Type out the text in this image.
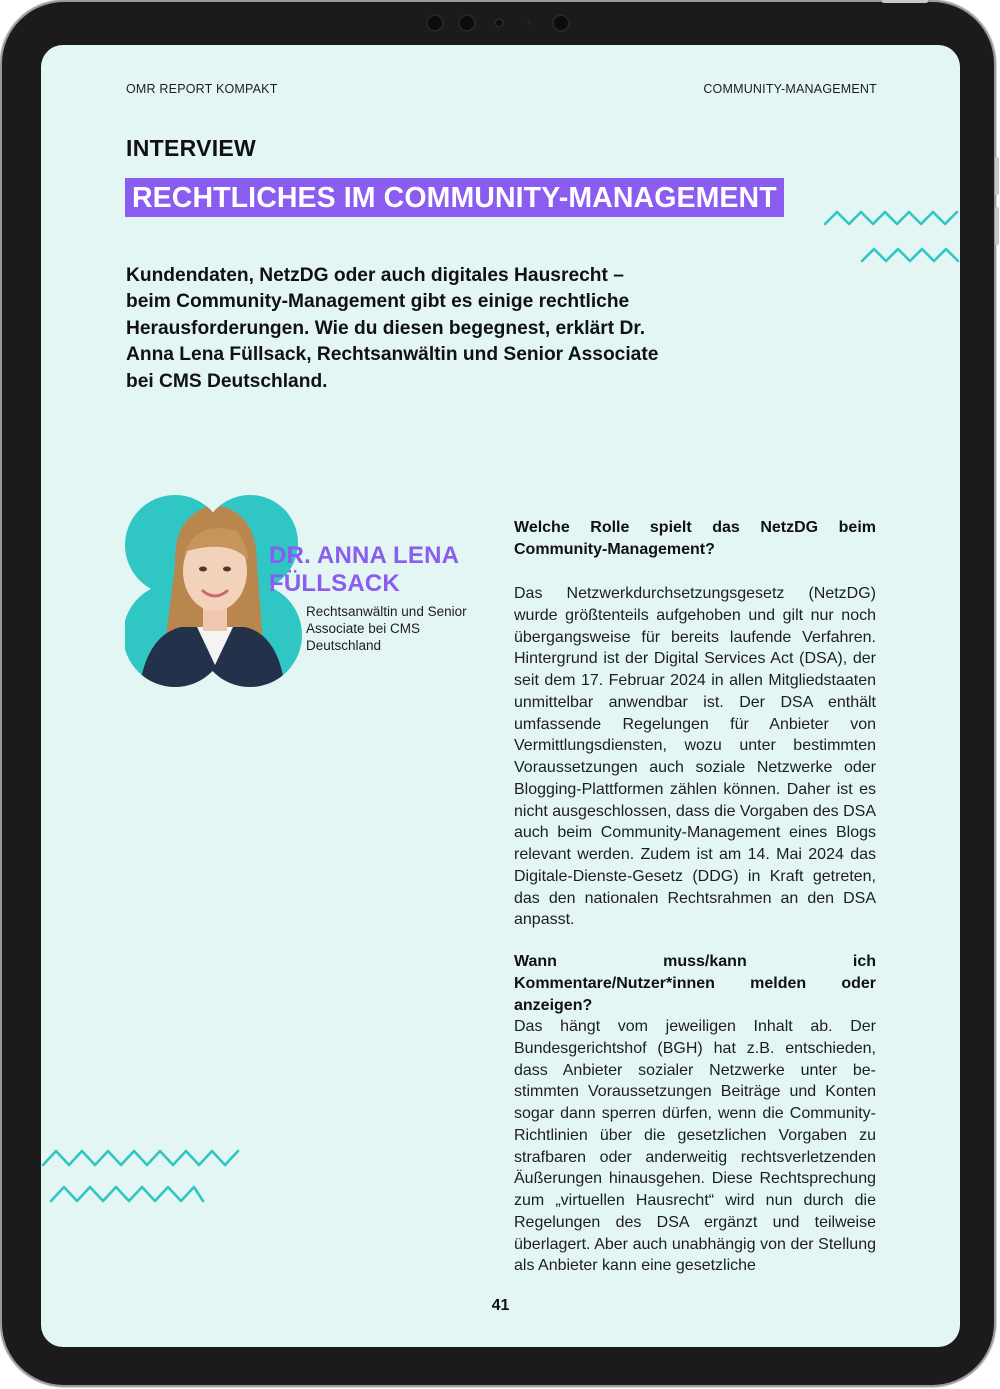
OMR REPORT KOMPAKT	COMMUNITY-MANAGEMENT
INTERVIEW
RECHTLICHES IM COMMUNITY-MANAGEMENT
Kundendaten, NetzDG oder auch digitales Hausrecht – beim Community-Management gibt es einige rechtliche Herausforderungen. Wie du diesen begegnest, erklärt Dr. Anna Lena Füllsack, Rechtsanwältin und Senior Associate bei CMS Deutschland.
DR. ANNA LENA FÜLLSACK
Rechtsanwältin und Senior Associate bei CMS Deutschland
Welche Rolle spielt das NetzDG beim Community-Management?
Das Netzwerkdurchsetzungsgesetz (NetzDG) wurde größtenteils aufgehoben und gilt nur noch übergangsweise für bereits laufende Verfahren. Hintergrund ist der Digital Services Act (DSA), der seit dem 17. Februar 2024 in allen Mitgliedstaaten unmittelbar anwendbar ist. Der DSA enthält umfassende Regelungen für Anbieter von Vermittlungsdiensten, wozu unter bestimmten Voraussetzungen auch soziale Netzwerke oder Blogging-Plattformen zählen können. Daher ist es nicht ausgeschlossen, dass die Vorgaben des DSA auch beim Community-Management eines Blogs relevant werden. Zudem ist am 14. Mai 2024 das Digitale-Dienste-Gesetz (DDG) in Kraft getreten, das den nationalen Rechtsrahmen an den DSA anpasst.
Wann muss/kann ich Kommentare/Nutzer*innen melden oder anzeigen?
Das hängt vom jeweiligen Inhalt ab. Der Bundesgerichtshof (BGH) hat z.B. entschieden, dass Anbieter sozialer Netzwerke unter bestimmten Voraussetzungen Beiträge und Konten sogar dann sperren dürfen, wenn die Community-Richtlinien über die gesetzlichen Vorgaben zu strafbaren oder anderweitig rechtsverletzenden Äußerungen hinausgehen. Diese Rechtsprechung zum „virtuellen Hausrecht“ wird nun durch die Regelungen des DSA ergänzt und teilweise überlagert. Aber auch unabhängig von der Stellung als Anbieter kann eine gesetzliche
41
